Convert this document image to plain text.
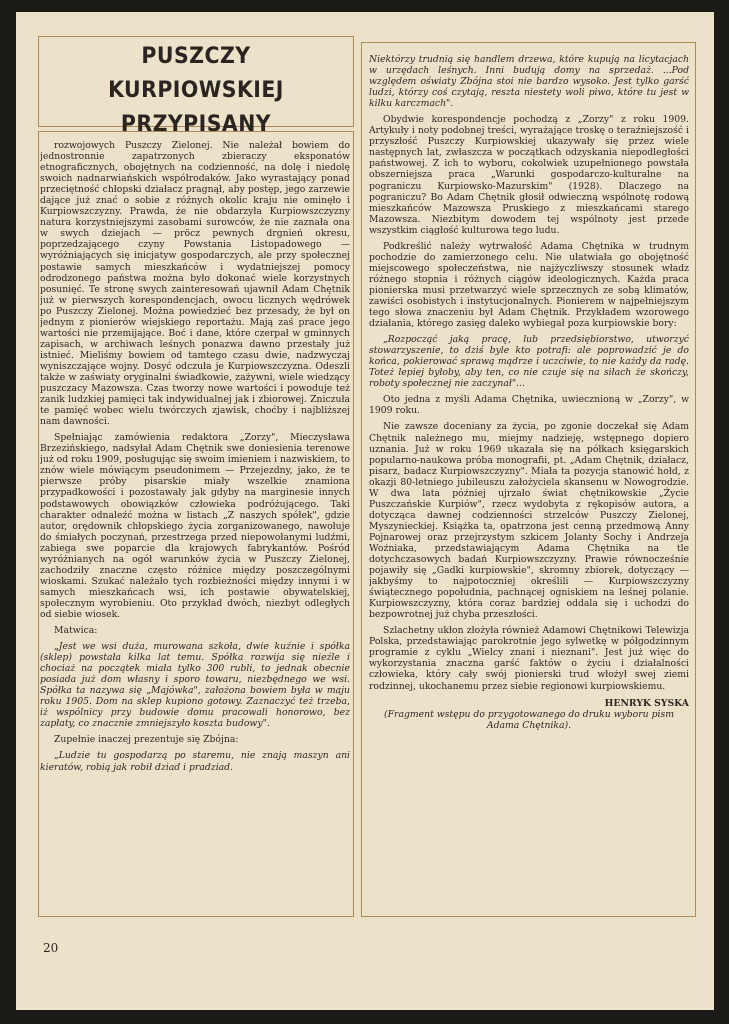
PUSZCZY KURPIOWSKIEJ PRZYPISANY

rozwojowych Puszczy Zielonej. Nie należał bowiem do jednostronnie zapatrzonych zbieraczy eksponatów etnograficznych, obojętnych na codzienność, na dolę i niedolę swoich nadnarwiańskich współrodaków. Jako wyrastający ponad przeciętność chłopski działacz pragnął, aby postęp, jego zarzewie dające już znać o sobie z różnych okolic kraju nie ominęło i Kurpiowszczyzny. Prawda, że nie obdarzyła Kurpiowszczyzny natura korzystniejszymi zasobami surowców, że nie zaznała ona w swych dziejach — pröcz pewnych drgnień okresu, poprzedzającego czyny Powstania Listopadowego — wyróżniających się inicjatyw gospodarczych, ale przy społecznej postawie samych mieszkańców i wydatniejszej pomocy odrodzonego państwa można było dokonać wiele korzystnych posunięć. Te stronę swych zainteresowań ujawnił Adam Chętnik już w pierwszych korespondencjach, owocu licznych wędrówek po Puszczy Zielonej. Można powiedzieć bez przesady, że był on jednym z pionierów wiejskiego reportażu. Mają zaś prace jego wartości nie przemijające. Boć i dane, które czerpał w gminnych zapisach, w archiwach leśnych ponazwa dawno przestały już istnieć. Mieliśmy bowiem od tamtego czasu dwie, nadzwyczaj wyniszczające wojny. Dosyć odczuła je Kurpiowszczyzna. Odeszli także w zaświaty oryginalni świadkowie, zażywni, wiele wiedzący puszczacy Mazowsza. Czas tworzy nowe wartości i powoduje też zanik ludzkiej pamięci tak indywidualnej jak i zbiorowej. Zniczuła te pamięć wobec wielu twórczych zjawisk, choćby i najbliższej nam dawności.

Spełniając zamówienia redaktora „Zorzy", Mieczysława Brzezińskiego, nadsyłał Adam Chętnik swe doniesienia terenowe już od roku 1909, posługując się swoim imieniem i nazwiskiem, to znów wiele mówiącym pseudonimem — Przejezdny, jako, że te pierwsze próby pisarskie miały wszelkie znamiona przypadkowości i pozostawały jak gdyby na marginesie innych podstawowych obowiązków człowieka podróżującego. Taki charakter odnaleźć można w listach „Z naszych spółek", gdzie autor, orędownik chłopskiego życia zorganizowanego, nawołuje do śmiałych poczynań, przestrzega przed niepowołanymi ludźmi, zabiega swe poparcie dla krajowych fabrykantów. Pośród wyróżnianych na ogół warunków życia w Puszczy Zielonej, zachodziły znaczne często różnice między poszczególnymi wioskami. Szukać należało tych rozbieżności między innymi i w samych mieszkańcach wsi, ich postawie obywatelskiej, społecznym wyrobieniu. Oto przykład dwóch, niezbyt odległych od siebie wiosek.

Matwica:

„Jest we wsi duża, murowana szkoła, dwie kuźnie i spółka (sklep) powstała kilka lat temu. Spółka rozwija się nieźle i chociaż na początek miała tylko 300 rubli, to jednak obecnie posiada już dom własny i sporo towaru, niezbędnego we wsi. Spółka ta nazywa się „Majówka", założona bowiem była w maju roku 1905. Dom na sklep kupiono gotowy. Zaznaczyć też trzeba, iż wspólnicy przy budowie domu pracowali honorowo, bez zapłaty, co znacznie zmniejszyło koszta budowy".

Zupełnie inaczej prezentuje się Zbójna:

„Ludzie tu gospodarzą po staremu, nie znają maszyn ani kieratów, robią jak robił dziad i pradziad.

Niektórzy trudnią się handlem drzewa, które kupują na licytacjach w urzędach leśnych. Inni budują domy na sprzedaż. ...Pod względem oświaty Zbójna stoi nie bardzo wysoko. Jest tylko garść ludzi, którzy coś czytają, reszta niestety woli piwo, które tu jest w kilku karczmach".

Obydwie korespondencje pochodzą z „Zorzy" z roku 1909. Artykuły i noty podobnej treści, wyrażające troskę o teraźniejszość i przyszłość Puszczy Kurpiowskiej ukazywały się przez wiele następnych lat, zwłaszcza w początkach odzyskania niepodległości państwowej. Z ich to wyboru, cokolwiek uzupełnionego powstała obszerniejsza praca „Warunki gospodarczo-kulturalne na pograniczu Kurpiowsko-Mazurskim" (1928). Dlaczego na pograniczu? Bo Adam Chętnik głosił odwieczną wspólnotę rodową mieszkańców Mazowsza Pruskiego z mieszkańcami starego Mazowsza. Niezbitym dowodem tej wspólnoty jest przede wszystkim ciągłość kulturowa tego ludu.

Podkreślić należy wytrwałość Adama Chętnika w trudnym pochodzie do zamierzonego celu. Nie ułatwiała go obojętność miejscowego społeczeństwa, nie najżyczliwszy stosunek władz różnego stopnia i różnych ciągów ideologicznych. Każda praca pionierska musi przetwarzyć wiele sprzecznych ze sobą klimatów, zawiści osobistych i instytucjonalnych. Pionierem w najpełniejszym tego słowa znaczeniu był Adam Chętnik. Przykładem wzorowego działania, którego zasięg daleko wybiegał poza kurpiowskie bory:

„Rozpocząć jaką pracę, lub przedsiębiorstwo, utworzyć stowarzyszenie, to dziś byle kto potrafi: ale poprowadzić je do końca, pokierować sprawą mądrze i uczciwie, to nie każdy da radę. Toteż lepiej byłoby, aby ten, co nie czuje się na siłach że skończy, roboty społecznej nie zaczynał"...

Oto jedna z myśli Adama Chętnika, uwiecznioną w „Zorzy", w 1909 roku.

Nie zawsze doceniany za życia, po zgonie doczekał się Adam Chętnik należnego mu, miejmy nadzieję, wstępnego dopiero uznania. Już w roku 1969 ukazała się na półkach księgarskich popularno-naukowa próba monografii, pt. „Adam Chętnik, działacz, pisarz, badacz Kurpiowszczyzny". Miała ta pozycja stanowić hołd, z okazji 80-letniego jubileuszu założyciela skansenu w Nowogrodzie. W dwa lata później ujrzało świat chętnikowskie „Życie Puszczańskie Kurpiów", rzecz wydobyta z rękopisów autora, a dotycząca dawnej codzienności strzelców Puszczy Zielonej, Myszynieckiej. Książka ta, opatrzona jest cenną przedmową Anny Pojnarowej oraz przejrzystym szkicem Jolanty Sochy i Andrzeja Woźniaka, przedstawiającym Adama Chętnika na tle dotychczasowych badań Kurpiowszczyzny. Prawie równocześnie pojawiły się „Gadki kurpiowskie", skromny zbiorek, dotyczący — jakbyśmy to najpotoczniej określili — Kurpiowszczyzny świątecznego popołudnia, pachnącej ogniskiem na leśnej polanie. Kurpiowszczyzny, która coraz bardziej oddala się i uchodzi do bezpowrotnej już chyba przeszłości.

Szlachetny ukłon złożyła również Adamowi Chętnikowi Telewizja Polska, przedstawiając parokrotnie jego sylwetkę w półgodzinnym programie z cyklu „Wielcy znani i nieznani". Jest już więc do wykorzystania znaczna garść faktów o życiu i działalności człowieka, który cały swój pionierski trud włożył swej ziemi rodzinnej, ukochanemu przez siebie regionowi kurpiowskiemu.

HENRYK SYSKA

(Fragment wstępu do przygotowanego do druku wyboru pism Adama Chętnika).

20
